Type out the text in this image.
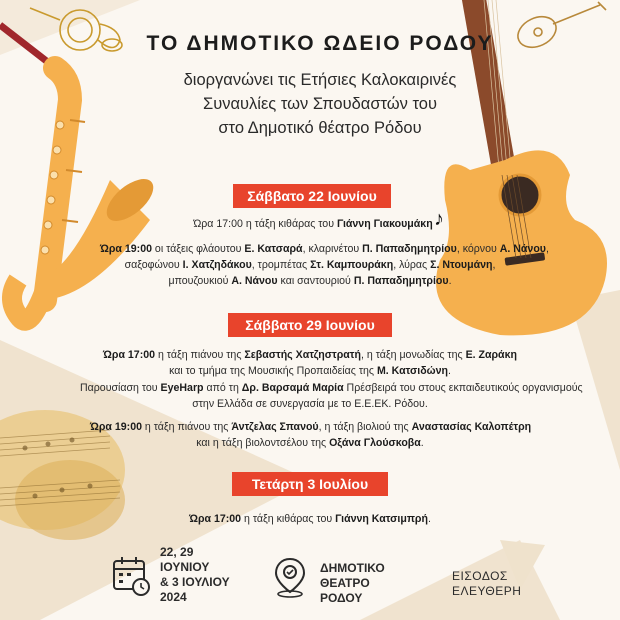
ΤΟ ΔΗΜΟΤΙΚΟ ΩΔΕΙΟ ΡΟΔΟΥ
διοργανώνει τις Ετήσιες Καλοκαιρινές
Συναυλίες των Σπουδαστών του
στο Δημοτικό θέατρο Ρόδου
Σάββατο 22 Ιουνίου
Ώρα 17:00 η τάξη κιθάρας του Γιάννη Γιακουμάκη ♪
Ώρα 19:00 οι τάξεις φλάουτου Ε. Κατσαρά, κλαρινέτου Π. Παπαδημητρίου, κόρνου Α. Νάνου,
σαξοφώνου Ι. Χατζηδάκου, τρομπέτας Στ. Καμπουράκη, λύρας Σ. Ντουμάνη,
μπουζουκιού Α. Νάνου και σαντουριού Π. Παπαδημητρίου.
Σάββατο 29 Ιουνίου
Ώρα 17:00 η τάξη πιάνου της Σεβαστής Χατζηστρατή, η τάξη μονωδίας της Ε. Ζαράκη
και το τμήμα της Μουσικής Προπαιδείας της Μ. Κατσιδώνη.
Παρουσίαση του EyeHarp από τη Δρ. Βαρσαμά Μαρία Πρέσβειρά του στους εκπαιδευτικούς οργανισμούς
στην Ελλάδα σε συνεργασία με το Ε.Ε.ΕΚ. Ρόδου.
Ώρα 19:00 η τάξη πιάνου της Άντζελας Σπανού, η τάξη βιολιού της Αναστασίας Καλοπέτρη
και η τάξη βιολοντσέλου της Οξάνα Γλούσκοβα.
Τετάρτη 3 Ιουλίου
Ώρα 17:00 η τάξη κιθάρας του Γιάννη Κατσιμπρή.
22, 29
ΙΟΥΝΙΟΥ
& 3 ΙΟΥΛΙΟΥ
2024
ΔΗΜΟΤΙΚΟ
ΘΕΑΤΡΟ
ΡΟΔΟΥ
ΕΙΣΟΔΟΣ
ΕΛΕΥΘΕΡΗ
